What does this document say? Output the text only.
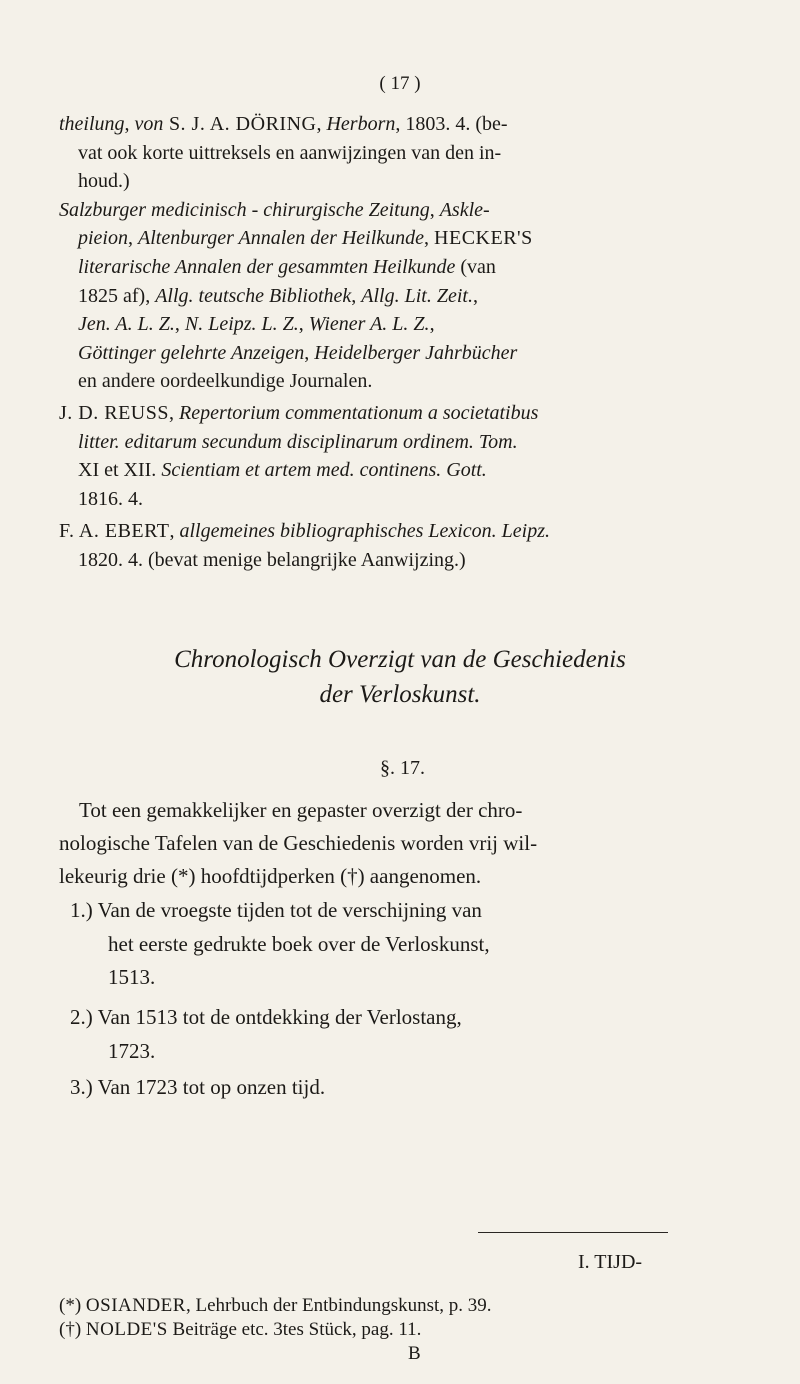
( 17 )
theilung, von S. J. A. DÖRING, Herborn, 1803. 4. (be-
vat ook korte uittreksels en aanwijzingen van den in-
houd.)
Salzburger medicinisch - chirurgische Zeitung, Askle-
pieion, Altenburger Annalen der Heilkunde, HECKER'S
literarische Annalen der gesammten Heilkunde (van
1825 af), Allg. teutsche Bibliothek, Allg. Lit. Zeit.,
Jen. A. L. Z., N. Leipz. L. Z., Wiener A. L. Z.,
Göttinger gelehrte Anzeigen, Heidelberger Jahrbücher
en andere oordeelkundige Journalen.
J. D. REUSS, Repertorium commentationum a societatibus
litter. editarum secundum disciplinarum ordinem. Tom.
XI et XII. Scientiam et artem med. continens. Gott.
1816. 4.
F. A. EBERT, allgemeines bibliographisches Lexicon. Leipz.
1820. 4. (bevat menige belangrijke Aanwijzing.)
Chronologisch Overzigt van de Geschiedenis
der Verloskunst.
§. 17.
Tot een gemakkelijker en gepaster overzigt der chro-
nologische Tafelen van de Geschiedenis worden vrij wil-
lekeurig drie (*) hoofdtijdperken (†) aangenomen.
1.) Van de vroegste tijden tot de verschijning van
het eerste gedrukte boek over de Verloskunst,
1513.
2.) Van 1513 tot de ontdekking der Verlostang,
1723.
3.) Van 1723 tot op onzen tijd.
I. TIJD-
(*) OSIANDER, Lehrbuch der Entbindungskunst, p. 39.
(†) NOLDE'S Beiträge etc. 3tes Stück, pag. 11.
B
